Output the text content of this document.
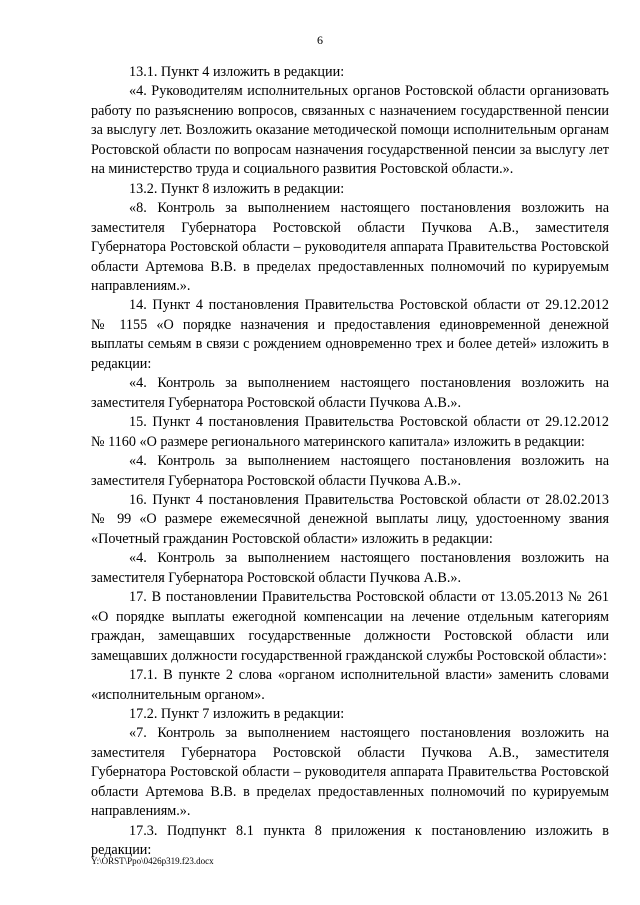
6

13.1. Пункт 4 изложить в редакции:

«4. Руководителям исполнительных органов Ростовской области организовать работу по разъяснению вопросов, связанных с назначением государственной пенсии за выслугу лет. Возложить оказание методической помощи исполнительным органам Ростовской области по вопросам назначения государственной пенсии за выслугу лет на министерство труда и социального развития Ростовской области.».

13.2. Пункт 8 изложить в редакции:

«8. Контроль за выполнением настоящего постановления возложить на заместителя Губернатора Ростовской области Пучкова А.В., заместителя Губернатора Ростовской области – руководителя аппарата Правительства Ростовской области Артемова В.В. в пределах предоставленных полномочий по курируемым направлениям.».

14. Пункт 4 постановления Правительства Ростовской области от 29.12.2012 № 1155 «О порядке назначения и предоставления единовременной денежной выплаты семьям в связи с рождением одновременно трех и более детей» изложить в редакции:

«4. Контроль за выполнением настоящего постановления возложить на заместителя Губернатора Ростовской области Пучкова А.В.».

15. Пункт 4 постановления Правительства Ростовской области от 29.12.2012 № 1160 «О размере регионального материнского капитала» изложить в редакции:

«4. Контроль за выполнением настоящего постановления возложить на заместителя Губернатора Ростовской области Пучкова А.В.».

16. Пункт 4 постановления Правительства Ростовской области от 28.02.2013 № 99 «О размере ежемесячной денежной выплаты лицу, удостоенному звания «Почетный гражданин Ростовской области» изложить в редакции:

«4. Контроль за выполнением настоящего постановления возложить на заместителя Губернатора Ростовской области Пучкова А.В.».

17. В постановлении Правительства Ростовской области от 13.05.2013 № 261 «О порядке выплаты ежегодной компенсации на лечение отдельным категориям граждан, замещавших государственные должности Ростовской области или замещавших должности государственной гражданской службы Ростовской области»:

17.1. В пункте 2 слова «органом исполнительной власти» заменить словами «исполнительным органом».

17.2. Пункт 7 изложить в редакции:

«7. Контроль за выполнением настоящего постановления возложить на заместителя Губернатора Ростовской области Пучкова А.В., заместителя Губернатора Ростовской области – руководителя аппарата Правительства Ростовской области Артемова В.В. в пределах предоставленных полномочий по курируемым направлениям.».

17.3. Подпункт 8.1 пункта 8 приложения к постановлению изложить в редакции:

Y:\ORST\Ppo\0426p319.f23.docx
